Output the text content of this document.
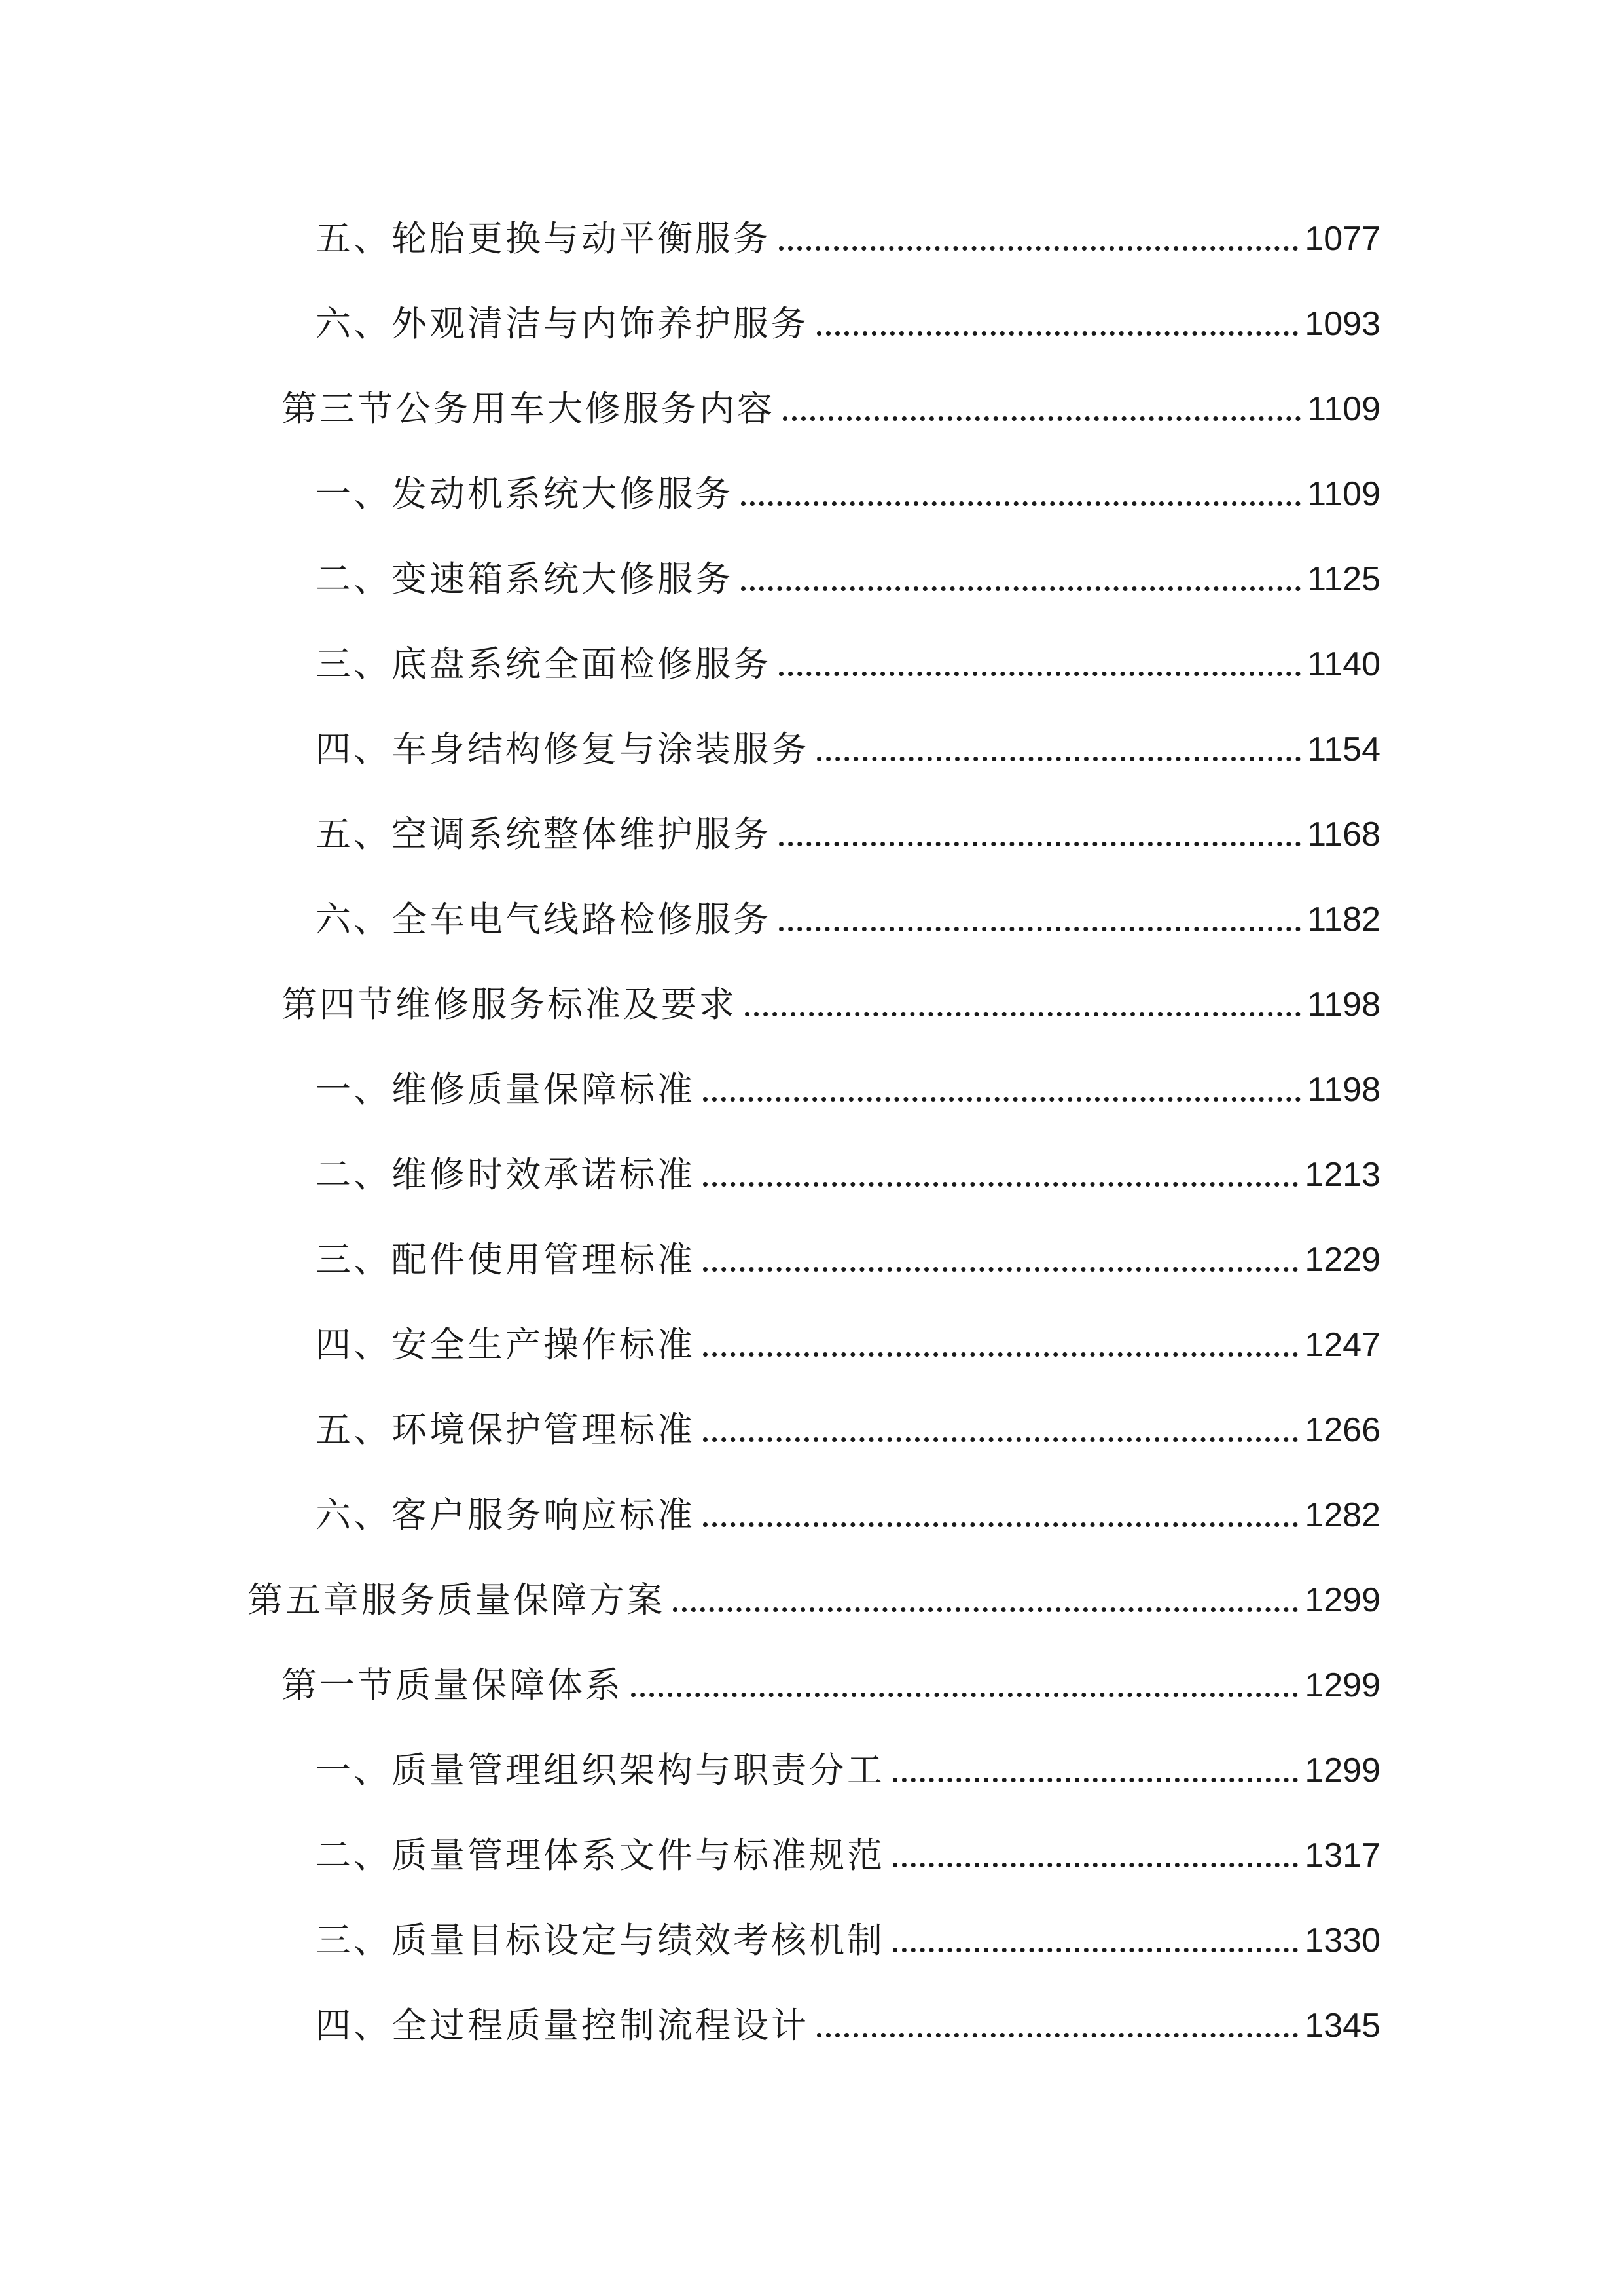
五、轮胎更换与动平衡服务	1077
六、外观清洁与内饰养护服务	1093
第三节公务用车大修服务内容	1109
一、发动机系统大修服务	1109
二、变速箱系统大修服务	1125
三、底盘系统全面检修服务	1140
四、车身结构修复与涂装服务	1154
五、空调系统整体维护服务	1168
六、全车电气线路检修服务	1182
第四节维修服务标准及要求	1198
一、维修质量保障标准	1198
二、维修时效承诺标准	1213
三、配件使用管理标准	1229
四、安全生产操作标准	1247
五、环境保护管理标准	1266
六、客户服务响应标准	1282
第五章服务质量保障方案	1299
第一节质量保障体系	1299
一、质量管理组织架构与职责分工	1299
二、质量管理体系文件与标准规范	1317
三、质量目标设定与绩效考核机制	1330
四、全过程质量控制流程设计	1345
